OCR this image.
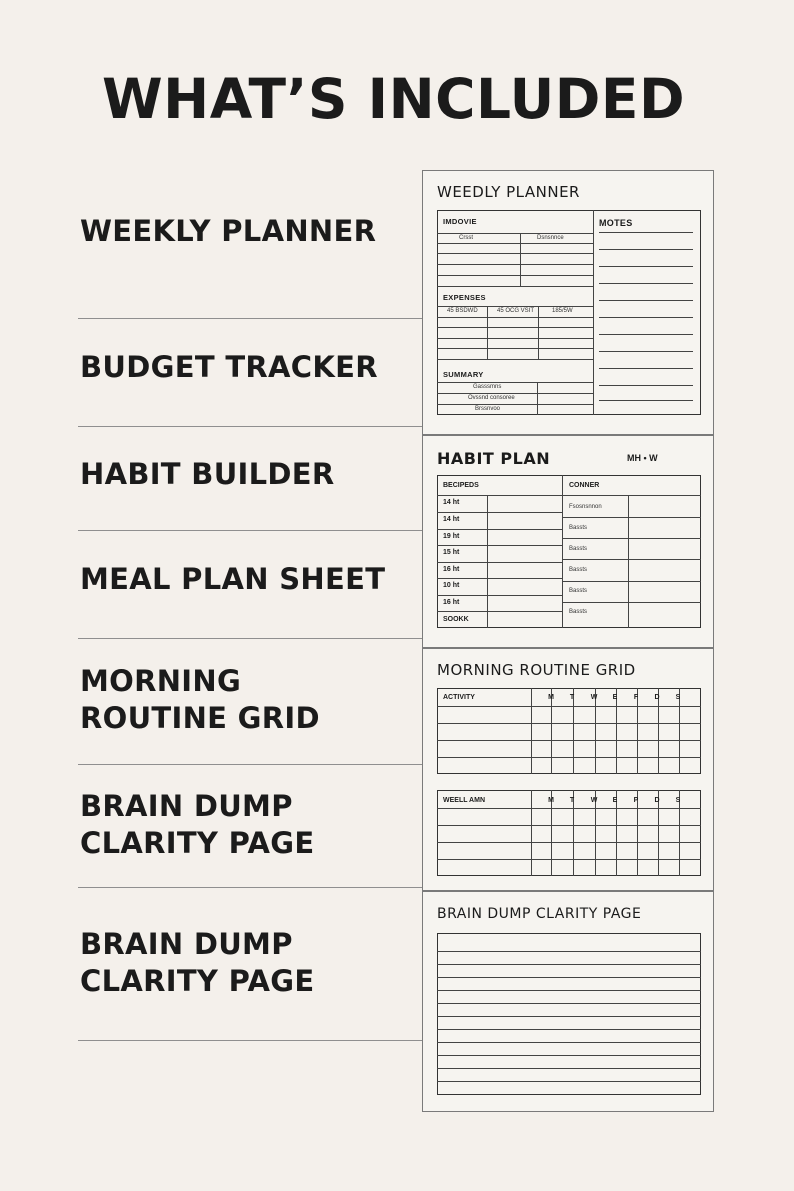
WHAT’S INCLUDED
WEEKLY PLANNER
BUDGET TRACKER
HABIT BUILDER
MEAL PLAN SHEET
MORNING
ROUTINE GRID
BRAIN DUMP
CLARITY PAGE
BRAIN DUMP
CLARITY PAGE
WEEDLY PLANNER
IMDOVIE
Crsst	Dsnsnnce
EXPENSES
45 BSDWD	45 OCG VSIT	185/5W
SUMMARY
Gasssmns
Ovssnd consoree
Brssnvoo
MOTES
HABIT PLAN	MH • W
BECIPEDS	CONNER
14 ht
14 ht
19 ht
15 ht
16 ht
10 ht
16 ht
SOOKK
Fsosnsnnon
Bassts
Bassts
Bassts
Bassts
Bassts
MORNING ROUTINE GRID
ACTIVITY	M	T	W	E	F	D	S
WEELL AMN	M	T	W	E	P	D	S
BRAIN DUMP CLARITY PAGE
